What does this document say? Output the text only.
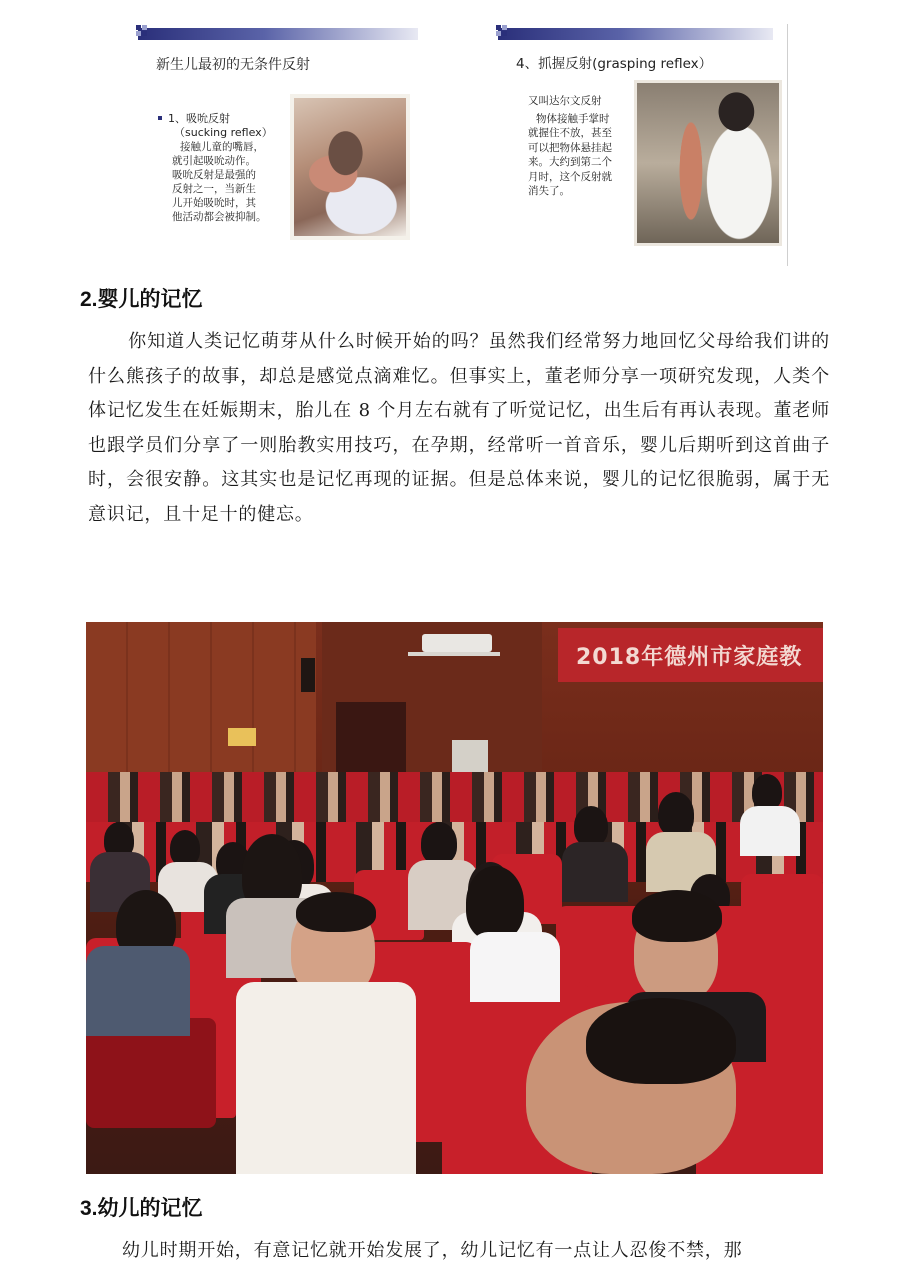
新生儿最初的无条件反射
1、吸吮反射
（sucking reflex）
接触儿童的嘴唇，
就引起吸吮动作。
吸吮反射是最强的
反射之一，当新生
儿开始吸吮时，其
他活动都会被抑制。
4、抓握反射(grasping reflex）
又叫达尔文反射
物体接触手掌时
就握住不放，甚至
可以把物体悬挂起
来。大约到第二个
月时，这个反射就
消失了。
2.婴儿的记忆

你知道人类记忆萌芽从什么时候开始的吗？虽然我们经常努力地回忆父母给我们讲的什么熊孩子的故事，却总是感觉点滴难忆。但事实上，董老师分享一项研究发现，人类个体记忆发生在妊娠期末，胎儿在 8 个月左右就有了听觉记忆，出生后有再认表现。董老师也跟学员们分享了一则胎教实用技巧，在孕期，经常听一首音乐，婴儿后期听到这首曲子时，会很安静。这其实也是记忆再现的证据。但是总体来说，婴儿的记忆很脆弱，属于无意识记，且十足十的健忘。

2018年德州市家庭教
3.幼儿的记忆

幼儿时期开始，有意记忆就开始发展了，幼儿记忆有一点让人忍俊不禁，那
